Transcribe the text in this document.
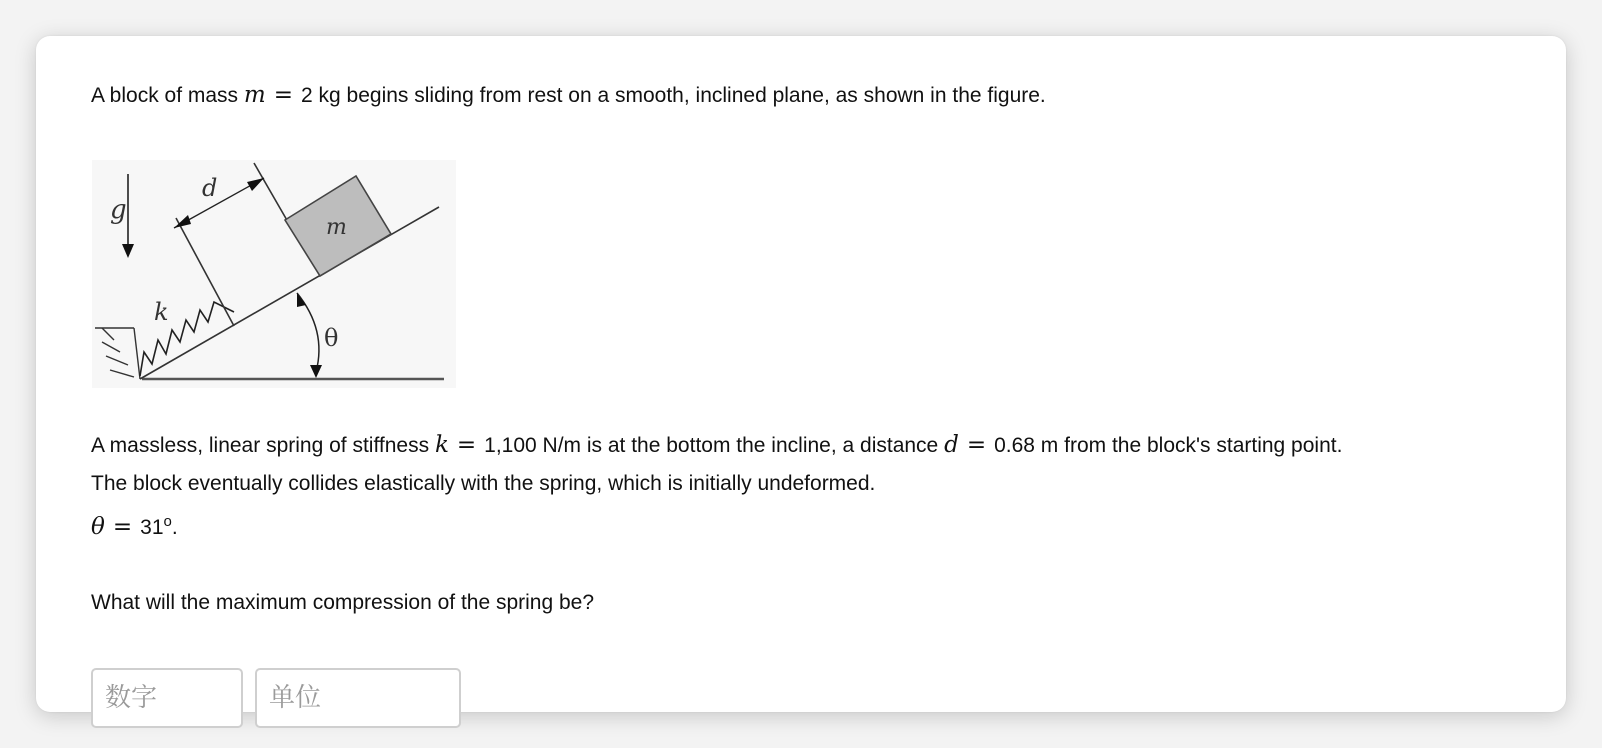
A block of mass m = 2 kg begins sliding from rest on a smooth, inclined plane, as shown in the figure.

g
d
m
k
θ

A massless, linear spring of stiffness k = 1,100 N/m is at the bottom the incline, a distance d = 0.68 m from the block's starting point.

The block eventually collides elastically with the spring, which is initially undeformed.

$\theta = 31^o$.

What will the maximum compression of the spring be?

数字
单位
